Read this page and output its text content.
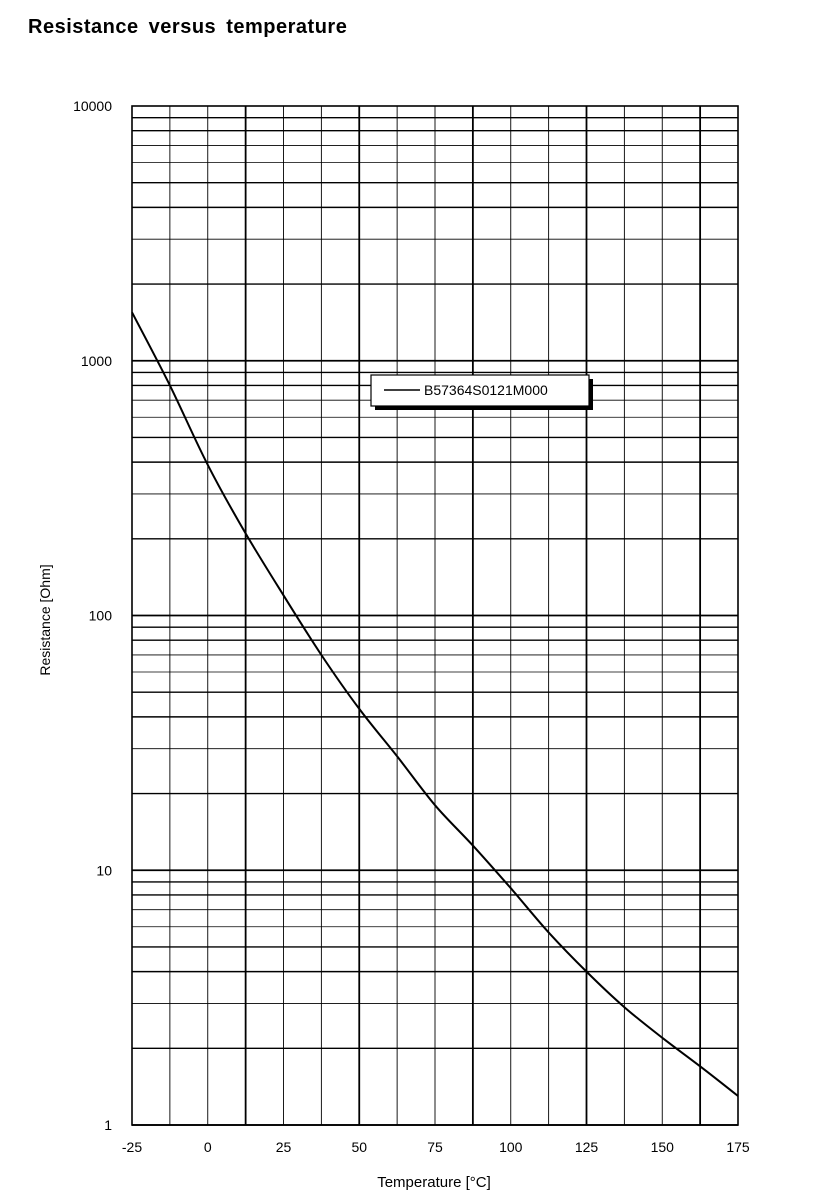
Resistance versus temperature
B57364S0121M000
-25	0	25	50	75	100	125	150	175
1
10
100
1000
10000
Temperature [°C]
Resistance [Ohm]
